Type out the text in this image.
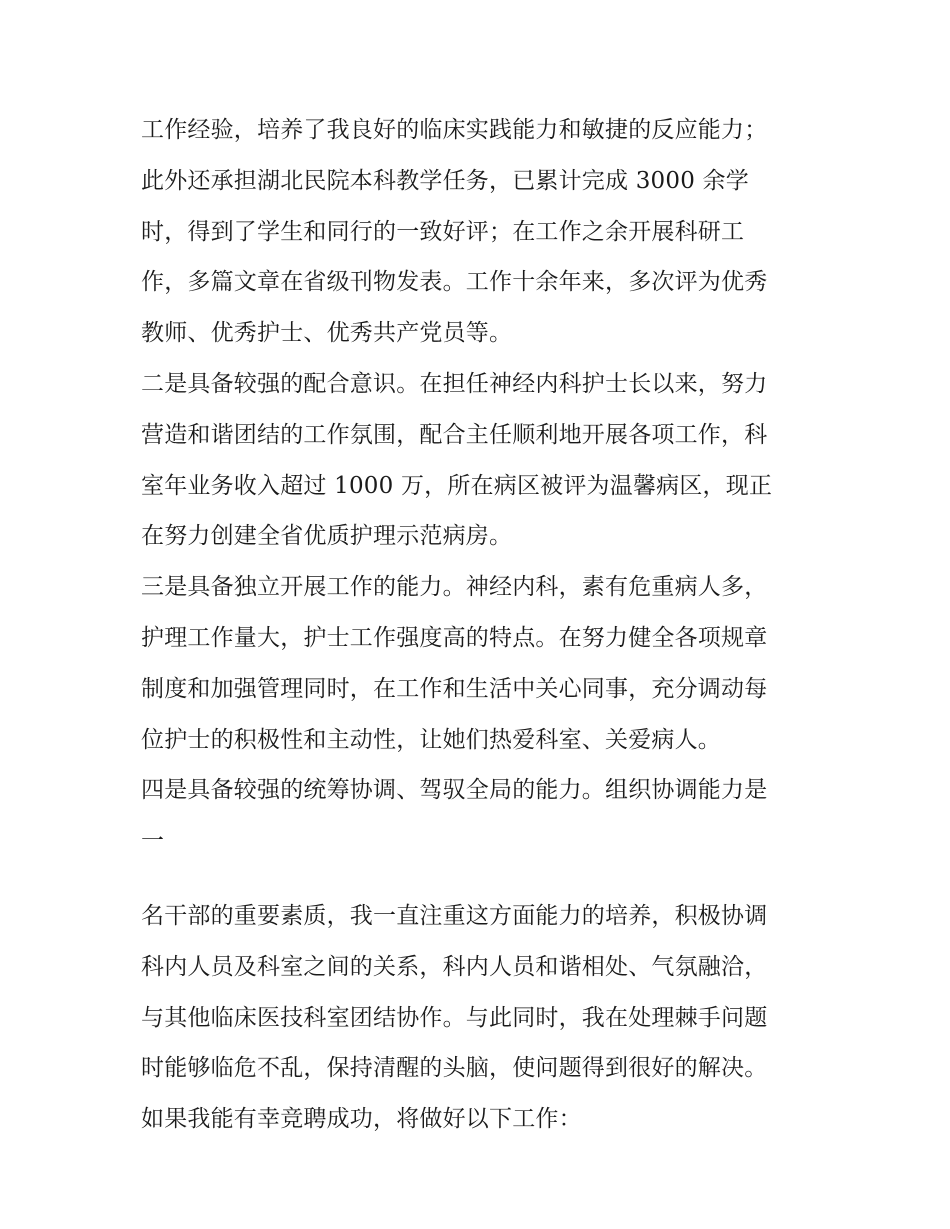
工作经验，培养了我良好的临床实践能力和敏捷的反应能力；
此外还承担湖北民院本科教学任务，已累计完成 3000 余学
时，得到了学生和同行的一致好评；在工作之余开展科研工
作，多篇文章在省级刊物发表。工作十余年来，多次评为优秀
教师、优秀护士、优秀共产党员等。
二是具备较强的配合意识。在担任神经内科护士长以来，努力
营造和谐团结的工作氛围，配合主任顺利地开展各项工作，科
室年业务收入超过 1000 万，所在病区被评为温馨病区，现正
在努力创建全省优质护理示范病房。
三是具备独立开展工作的能力。神经内科，素有危重病人多，
护理工作量大，护士工作强度高的特点。在努力健全各项规章
制度和加强管理同时，在工作和生活中关心同事，充分调动每
位护士的积极性和主动性，让她们热爱科室、关爱病人。
四是具备较强的统筹协调、驾驭全局的能力。组织协调能力是
一
名干部的重要素质，我一直注重这方面能力的培养，积极协调
科内人员及科室之间的关系，科内人员和谐相处、气氛融洽，
与其他临床医技科室团结协作。与此同时，我在处理棘手问题
时能够临危不乱，保持清醒的头脑，使问题得到很好的解决。
如果我能有幸竞聘成功，将做好以下工作：
